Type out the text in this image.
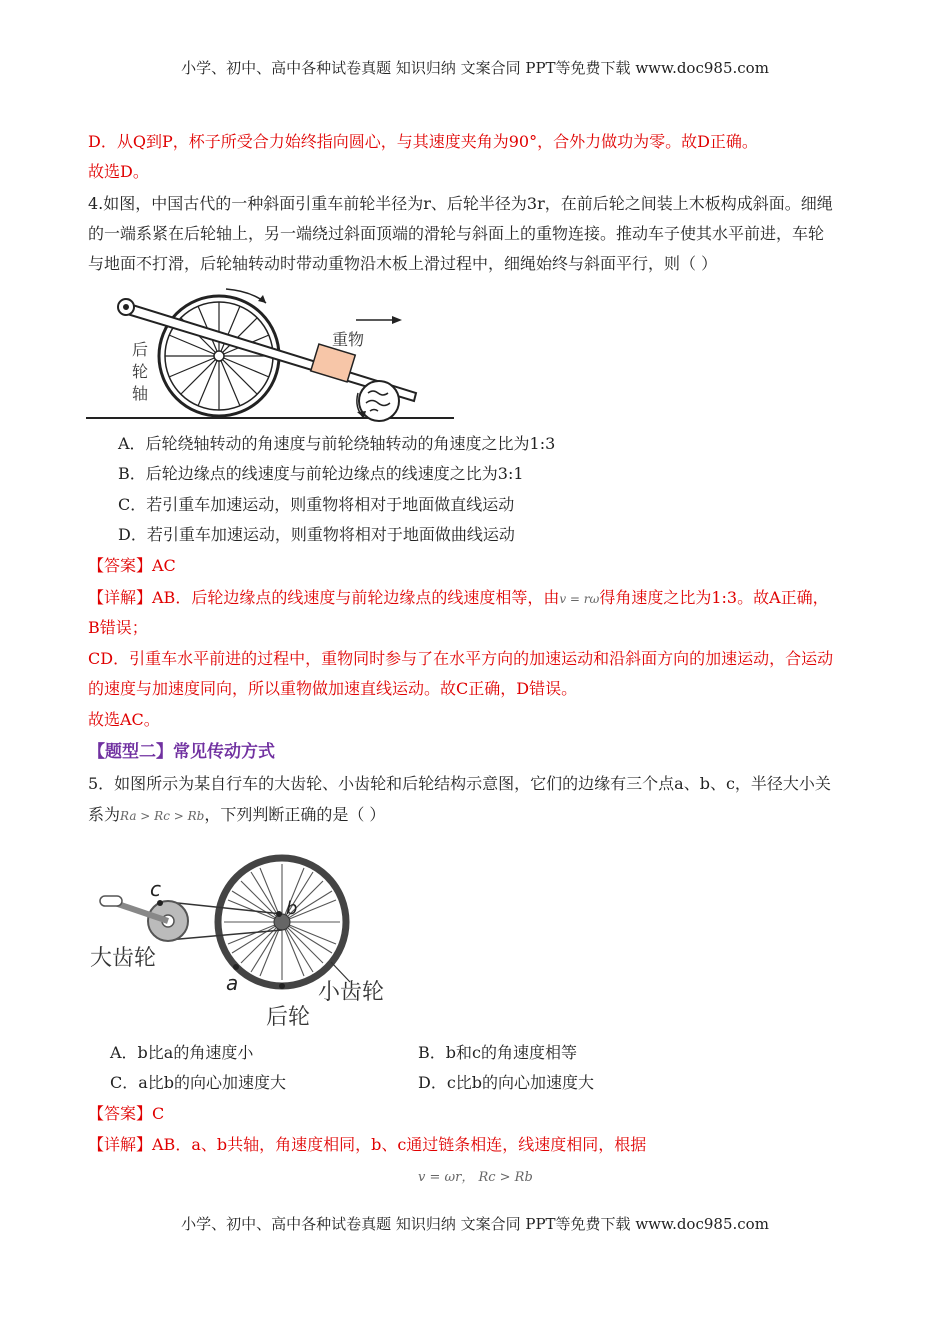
小学、初中、高中各种试卷真题 知识归纳 文案合同 PPT等免费下载 www.doc985.com
D．从Q到P，杯子所受合力始终指向圆心，与其速度夹角为90°，合外力做功为零。故D正确。
故选D。
4.如图，中国古代的一种斜面引重车前轮半径为r、后轮半径为3r，在前后轮之间装上木板构成斜面。细绳
的一端系紧在后轮轴上，另一端绕过斜面顶端的滑轮与斜面上的重物连接。推动车子使其水平前进，车轮
与地面不打滑，后轮轴转动时带动重物沿木板上滑过程中，细绳始终与斜面平行，则（ ）
重物
后
轮
轴
A．后轮绕轴转动的角速度与前轮绕轴转动的角速度之比为1:3
B．后轮边缘点的线速度与前轮边缘点的线速度之比为3:1
C．若引重车加速运动，则重物将相对于地面做直线运动
D．若引重车加速运动，则重物将相对于地面做曲线运动
【答案】AC
【详解】AB．后轮边缘点的线速度与前轮边缘点的线速度相等，由v = rω得角速度之比为1:3。故A正确，
B错误；
CD．引重车水平前进的过程中，重物同时参与了在水平方向的加速运动和沿斜面方向的加速运动，合运动
的速度与加速度同向，所以重物做加速直线运动。故C正确，D错误。
故选AC。
【题型二】常见传动方式
5．如图所示为某自行车的大齿轮、小齿轮和后轮结构示意图，它们的边缘有三个点a、b、c，半径大小关
系为Ra > Rc > Rb，下列判断正确的是（ ）
c
b
a
大齿轮
小齿轮
后轮
A．b比a的角速度小	B．b和c的角速度相等
C．a比b的向心加速度大	D．c比b的向心加速度大
【答案】C
【详解】AB．a、b共轴，角速度相同，b、c通过链条相连，线速度相同，根据
v = ωr， Rc > Rb
小学、初中、高中各种试卷真题 知识归纳 文案合同 PPT等免费下载 www.doc985.com
